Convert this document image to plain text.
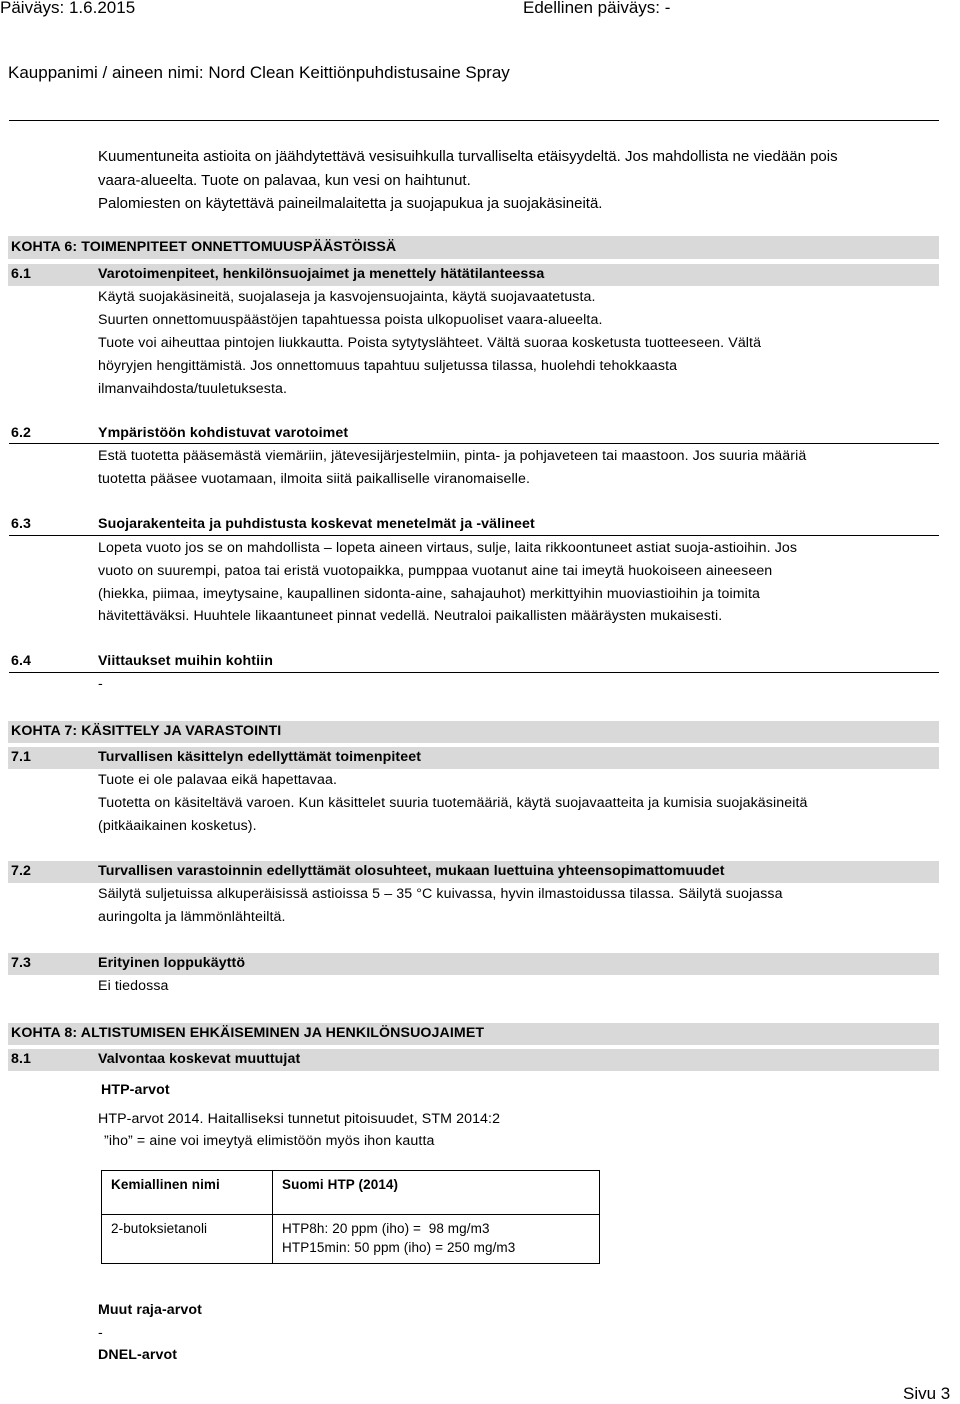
Päiväys: 1.6.2015	Edellinen päiväys: -
Kauppanimi / aineen nimi: Nord Clean Keittiönpuhdistusaine Spray
Kuumentuneita astioita on jäähdytettävä vesisuihkulla turvalliselta etäisyydeltä. Jos mahdollista ne viedään pois
vaara-alueelta. Tuote on palavaa, kun vesi on haihtunut.
Palomiesten on käytettävä paineilmalaitetta ja suojapukua ja suojakäsineitä.
KOHTA 6: TOIMENPITEET ONNETTOMUUSPÄÄSTÖISSÄ
6.1	Varotoimenpiteet, henkilönsuojaimet ja menettely hätätilanteessa
Käytä suojakäsineitä, suojalaseja ja kasvojensuojainta, käytä suojavaatetusta.
Suurten onnettomuuspäästöjen tapahtuessa poista ulkopuoliset vaara-alueelta.
Tuote voi aiheuttaa pintojen liukkautta. Poista sytytyslähteet. Vältä suoraa kosketusta tuotteeseen. Vältä
höyryjen hengittämistä. Jos onnettomuus tapahtuu suljetussa tilassa, huolehdi tehokkaasta
ilmanvaihdosta/tuuletuksesta.
6.2	Ympäristöön kohdistuvat varotoimet
Estä tuotetta pääsemästä viemäriin, jätevesijärjestelmiin, pinta- ja pohjaveteen tai maastoon. Jos suuria määriä
tuotetta pääsee vuotamaan, ilmoita siitä paikalliselle viranomaiselle.
6.3	Suojarakenteita ja puhdistusta koskevat menetelmät ja -välineet
Lopeta vuoto jos se on mahdollista – lopeta aineen virtaus, sulje, laita rikkoontuneet astiat suoja-astioihin. Jos
vuoto on suurempi, patoa tai eristä vuotopaikka, pumppaa vuotanut aine tai imeytä huokoiseen aineeseen
(hiekka, piimaa, imeytysaine, kaupallinen sidonta-aine, sahajauhot) merkittyihin muoviastioihin ja toimita
hävitettäväksi. Huuhtele likaantuneet pinnat vedellä. Neutraloi paikallisten määräysten mukaisesti.
6.4	Viittaukset muihin kohtiin
-
KOHTA 7: KÄSITTELY JA VARASTOINTI
7.1	Turvallisen käsittelyn edellyttämät toimenpiteet
Tuote ei ole palavaa eikä hapettavaa.
Tuotetta on käsiteltävä varoen. Kun käsittelet suuria tuotemääriä, käytä suojavaatteita ja kumisia suojakäsineitä
(pitkäaikainen kosketus).
7.2	Turvallisen varastoinnin edellyttämät olosuhteet, mukaan luettuina yhteensopimattomuudet
Säilytä suljetuissa alkuperäisissä astioissa 5 – 35 °C kuivassa, hyvin ilmastoidussa tilassa. Säilytä suojassa
auringolta ja lämmönlähteiltä.
7.3	Erityinen loppukäyttö
Ei tiedossa
KOHTA 8: ALTISTUMISEN EHKÄISEMINEN JA HENKILÖNSUOJAIMET
8.1	Valvontaa koskevat muuttujat
HTP-arvot
HTP-arvot 2014. Haitalliseksi tunnetut pitoisuudet, STM 2014:2
”iho” = aine voi imeytyä elimistöön myös ihon kautta
Kemiallinen nimi	Suomi HTP (2014)
2-butoksietanoli	HTP8h: 20 ppm (iho) =  98 mg/m3
HTP15min: 50 ppm (iho) = 250 mg/m3
Muut raja-arvot
-
DNEL-arvot
Sivu 3
